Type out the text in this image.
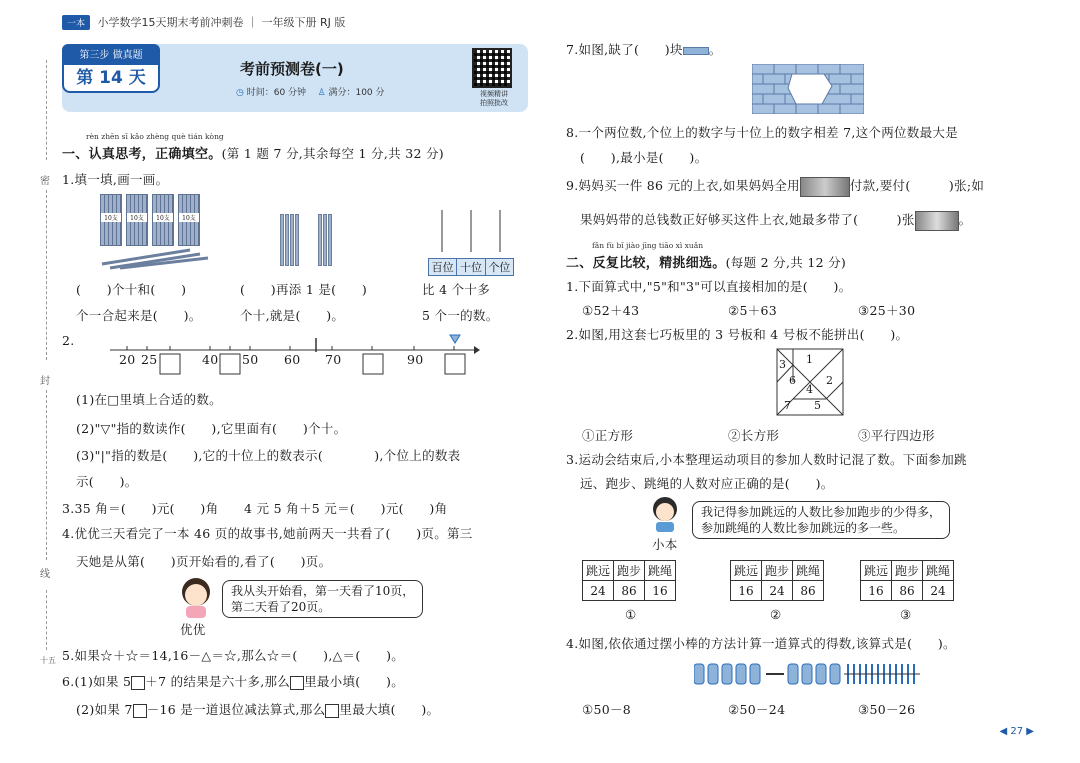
一本 小学数学15天期末考前冲刺卷 ｜ 一年级下册 RJ 版
第三步 做真题
第 14 天	考前预测卷(一)
◷ 时间：60 分钟 ♙ 满分：100 分	视频精讲
拍照批改
密
封
线
十五
rèn zhēn sī kǎo zhèng què tián kòng
一、认真思考，正确填空。(第 1 题 7 分,其余每空 1 分,共 32 分)
1.填一填,画一画。
10支	10支	10支	10支

百位 十位 个位
(　　)个十和(　　)
个一合起来是(　　)。
(　　)再添 1 是(　　)
个十,就是(　　)。
比 4 个十多
5 个一的数。
2.
20 25	40 50 60 70	90
(1)在□里填上合适的数。
(2)"▽"指的数读作(　　),它里面有(　　)个十。
(3)"|"指的数是(　　),它的十位上的数表示(　　　　),个位上的数表
示(　　)。
3.35 角＝(　　)元(　　)角　　4 元 5 角＋5 元＝(　　)元(　　)角
4.优优三天看完了一本 46 页的故事书,她前两天一共看了(　　)页。第三
天她是从第(　　)页开始看的,看了(　　)页。
我从头开始看，第一天看了10页，
第二天看了20页。
优优
5.如果☆＋☆＝14,16－△＝☆,那么☆＝(　　),△＝(　　)。
6.(1)如果 5 ＋7 的结果是六十多,那么 里最小填(　　)。
(2)如果 7 －16 是一道退位减法算式,那么 里最大填(　　)。
7.如图,缺了(　　)块 。
8.一个两位数,个位上的数字与十位上的数字相差 7,这个两位数最大是
(　　),最小是(　　)。
9.妈妈买一件 86 元的上衣,如果妈妈全用	付款,要付(　　　)张;如
果妈妈带的总钱数正好够买这件上衣,她最多带了(　　　)张	。
fǎn fù bǐ jiào jīng tiāo xì xuǎn
二、反复比较，精挑细选。(每题 2 分,共 12 分)
1.下面算式中,"5"和"3"可以直接相加的是(　　)。
①52＋43	②5＋63	③25＋30
2.如图,用这套七巧板里的 3 号板和 4 号板不能拼出(　　)。
3 1
6	2
4
7 5
①正方形	②长方形	③平行四边形
3.运动会结束后,小本整理运动项目的参加人数时记混了数。下面参加跳
远、跑步、跳绳的人数对应正确的是(　　)。
小本
我记得参加跳远的人数比参加跑步的少得多，
参加跳绳的人数比参加跳远的多一些。
跳远	跑步	跳绳
24	86	16
跳远	跑步	跳绳
16	24	86
跳远	跑步	跳绳
16	86	24
①	②	③
4.如图,依依通过摆小棒的方法计算一道算式的得数,该算式是(　　)。
①50－8	②50－24	③50－26
◀ 27 ▶
